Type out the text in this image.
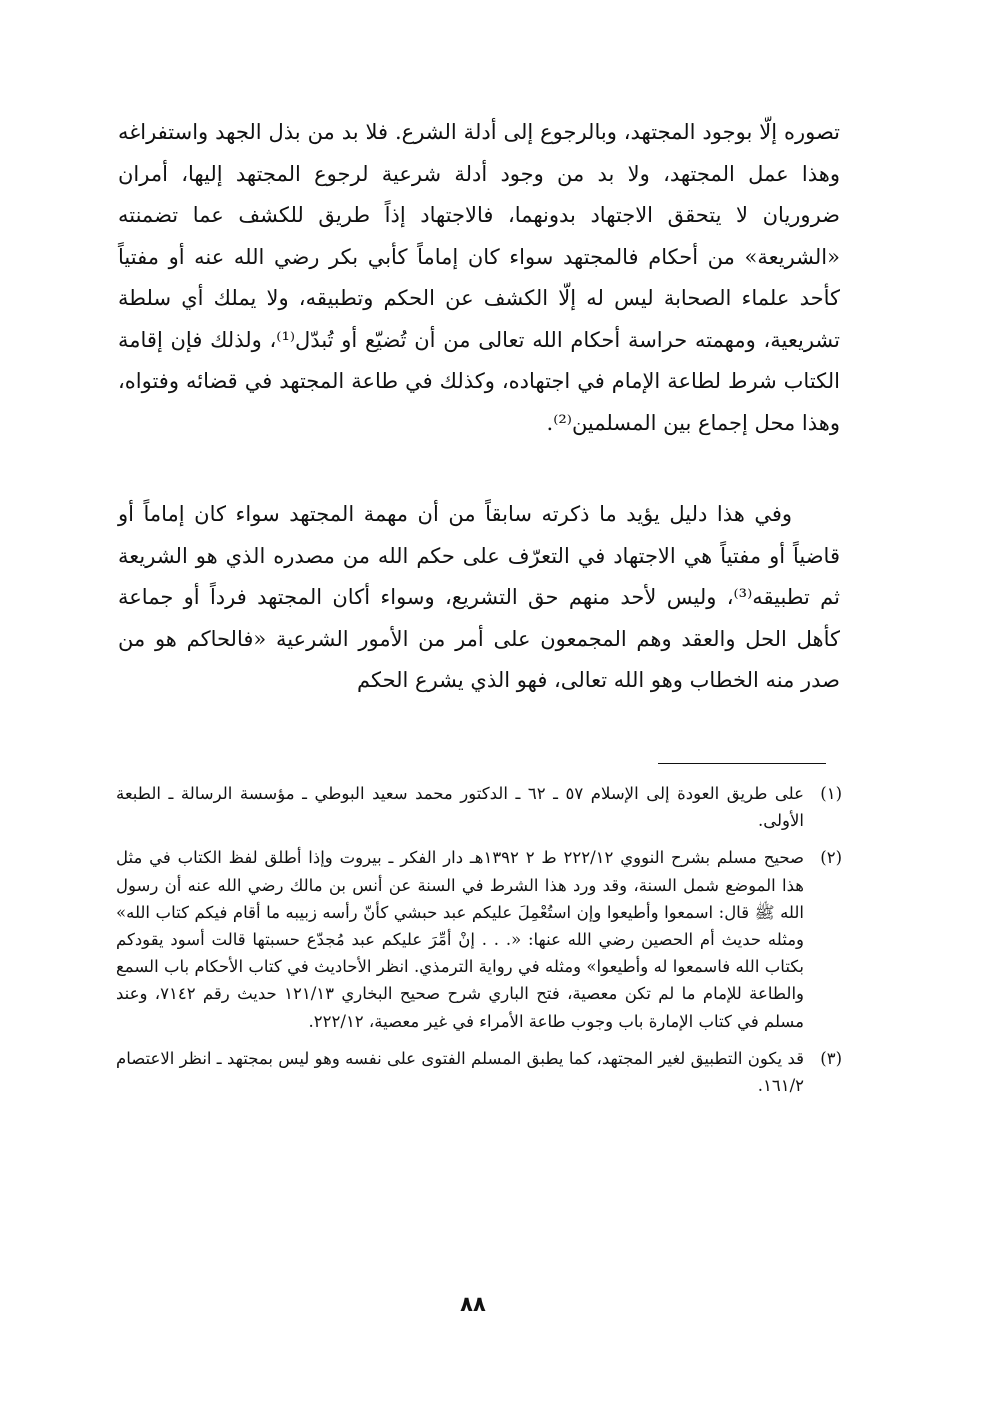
تصوره إلّا بوجود المجتهد، وبالرجوع إلى أدلة الشرع. فلا بد من بذل الجهد واستفراغه وهذا عمل المجتهد، ولا بد من وجود أدلة شرعية لرجوع المجتهد إليها، أمران ضروريان لا يتحقق الاجتهاد بدونهما، فالاجتهاد إذاً طريق للكشف عما تضمنته «الشريعة» من أحكام فالمجتهد سواء كان إماماً كأبي بكر رضي الله عنه أو مفتياً كأحد علماء الصحابة ليس له إلّا الكشف عن الحكم وتطبيقه، ولا يملك أي سلطة تشريعية، ومهمته حراسة أحكام الله تعالى من أن تُضيّع أو تُبدّل⁽¹⁾، ولذلك فإن إقامة الكتاب شرط لطاعة الإمام في اجتهاده، وكذلك في طاعة المجتهد في قضائه وفتواه، وهذا محل إجماع بين المسلمين⁽²⁾.

وفي هذا دليل يؤيد ما ذكرته سابقاً من أن مهمة المجتهد سواء كان إماماً أو قاضياً أو مفتياً هي الاجتهاد في التعرّف على حكم الله من مصدره الذي هو الشريعة ثم تطبيقه⁽³⁾، وليس لأحد منهم حق التشريع، وسواء أكان المجتهد فرداً أو جماعة كأهل الحل والعقد وهم المجمعون على أمر من الأمور الشرعية «فالحاكم هو من صدر منه الخطاب وهو الله تعالى، فهو الذي يشرع الحكم

(١)
على طريق العودة إلى الإسلام ٥٧ ـ ٦٢ ـ الدكتور محمد سعيد البوطي ـ مؤسسة الرسالة ـ الطبعة الأولى.
(٢)
صحيح مسلم بشرح النووي ٢٢٢/١٢ ط ٢ ١٣٩٢هـ دار الفكر ـ بيروت وإذا أطلق لفظ الكتاب في مثل هذا الموضع شمل السنة، وقد ورد هذا الشرط في السنة عن أنس بن مالك رضي الله عنه أن رسول الله ﷺ قال: اسمعوا وأطيعوا وإن استُعْمِلَ عليكم عبد حبشي كأنّ رأسه زبيبه ما أقام فيكم كتاب الله» ومثله حديث أم الحصين رضي الله عنها: «. . . إنْ أمِّرَ عليكم عبد مُجدّع حسبتها قالت أسود يقودكم بكتاب الله فاسمعوا له وأطيعوا» ومثله في رواية الترمذي. انظر الأحاديث في كتاب الأحكام باب السمع والطاعة للإمام ما لم تكن معصية، فتح الباري شرح صحيح البخاري ١٢١/١٣ حديث رقم ٧١٤٢، وعند مسلم في كتاب الإمارة باب وجوب طاعة الأمراء في غير معصية، ٢٢٢/١٢.
(٣)
قد يكون التطبيق لغير المجتهد، كما يطبق المسلم الفتوى على نفسه وهو ليس بمجتهد ـ انظر الاعتصام ١٦١/٢.
٨٨
